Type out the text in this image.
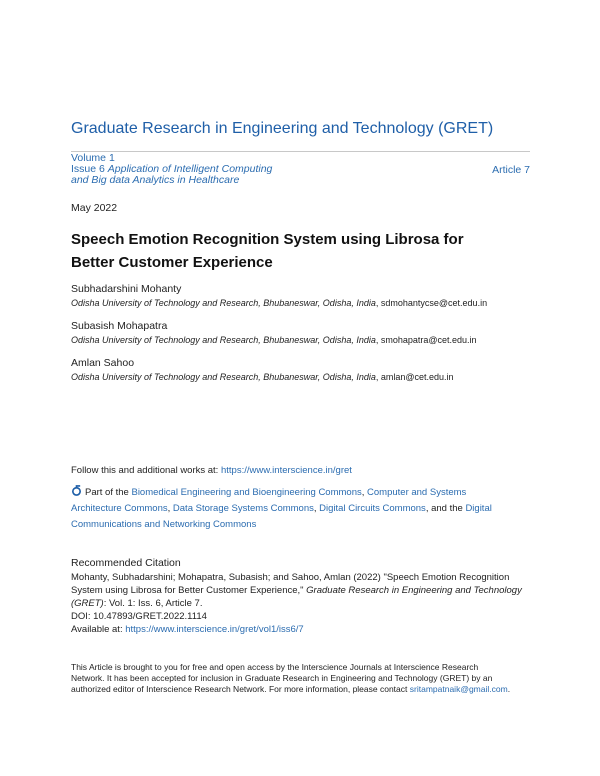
Graduate Research in Engineering and Technology (GRET)
Volume 1
Issue 6 Application of Intelligent Computing and Big data Analytics in Healthcare
Article 7
May 2022
Speech Emotion Recognition System using Librosa for Better Customer Experience
Subhadarshini Mohanty
Odisha University of Technology and Research, Bhubaneswar, Odisha, India, sdmohantycse@cet.edu.in
Subasish Mohapatra
Odisha University of Technology and Research, Bhubaneswar, Odisha, India, smohapatra@cet.edu.in
Amlan Sahoo
Odisha University of Technology and Research, Bhubaneswar, Odisha, India, amlan@cet.edu.in
Follow this and additional works at: https://www.interscience.in/gret
Part of the Biomedical Engineering and Bioengineering Commons, Computer and Systems Architecture Commons, Data Storage Systems Commons, Digital Circuits Commons, and the Digital Communications and Networking Commons
Recommended Citation
Mohanty, Subhadarshini; Mohapatra, Subasish; and Sahoo, Amlan (2022) "Speech Emotion Recognition System using Librosa for Better Customer Experience," Graduate Research in Engineering and Technology (GRET): Vol. 1: Iss. 6, Article 7.
DOI: 10.47893/GRET.2022.1114
Available at: https://www.interscience.in/gret/vol1/iss6/7
This Article is brought to you for free and open access by the Interscience Journals at Interscience Research Network. It has been accepted for inclusion in Graduate Research in Engineering and Technology (GRET) by an authorized editor of Interscience Research Network. For more information, please contact sritampatnaik@gmail.com.
